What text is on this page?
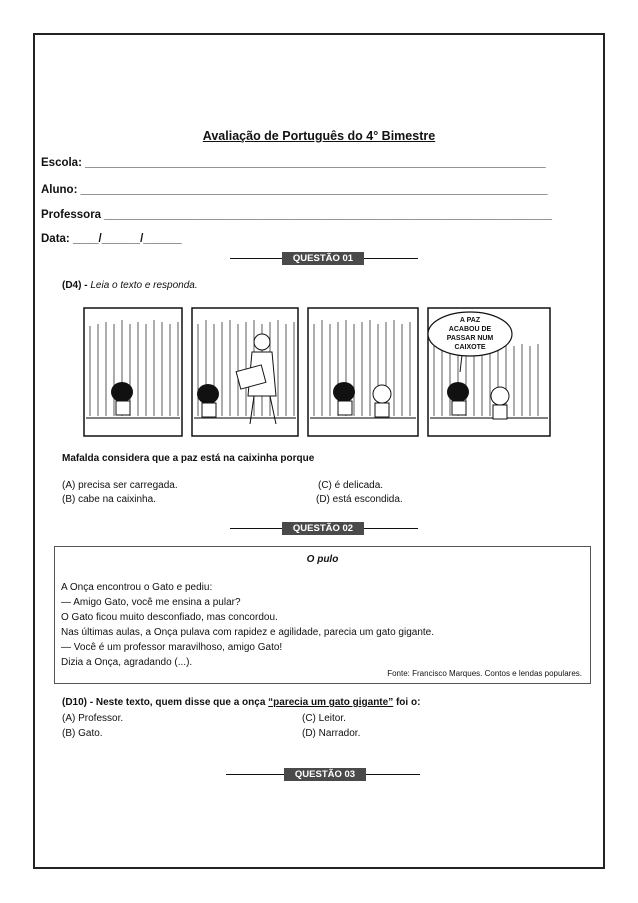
Avaliação de Português do 4° Bimestre
Escola: ________________________________________________________________________
Aluno: _________________________________________________________________________
Professora ______________________________________________________________________
Data: ____/______/______
QUESTÃO 01
(D4) - Leia o texto e responda.
A PAZ
ACABOU DE
PASSAR NUM
CAIXOTE
Mafalda considera que a paz está na caixinha porque
(A) precisa ser carregada.
(B) cabe na caixinha.
(C) é delicada.
(D) está escondida.
QUESTÃO 02
O pulo
A Onça encontrou o Gato e pediu:
— Amigo Gato, você me ensina a pular?
O Gato ficou muito desconfiado, mas concordou.
Nas últimas aulas, a Onça pulava com rapidez e agilidade, parecia um gato gigante.
— Você é um professor maravilhoso, amigo Gato!
Dizia a Onça, agradando (...).
Fonte: Francisco Marques. Contos e lendas populares.
(D10) - Neste texto, quem disse que a onça “parecia um gato gigante” foi o:
(A) Professor.
(B) Gato.
(C) Leitor.
(D) Narrador.
QUESTÃO 03
